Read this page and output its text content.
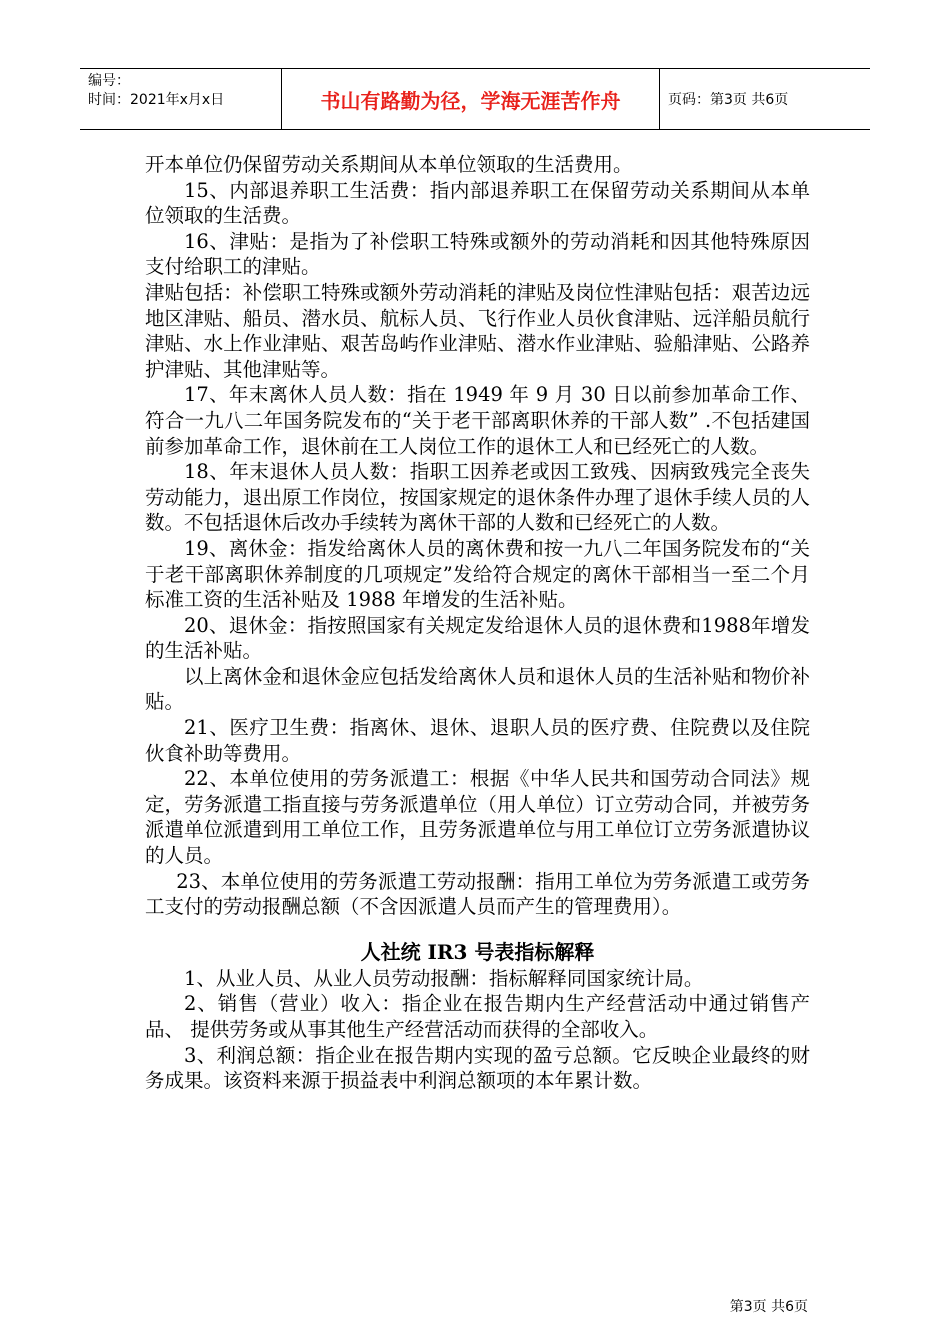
编号：
时间：2021年x月x日	书山有路勤为径，学海无涯苦作舟	页码：第3页 共6页

开本单位仍保留劳动关系期间从本单位领取的生活费用。

15、内部退养职工生活费：指内部退养职工在保留劳动关系期间从本单位领取的生活费。

16、津贴：是指为了补偿职工特殊或额外的劳动消耗和因其他特殊原因支付给职工的津贴。

津贴包括：补偿职工特殊或额外劳动消耗的津贴及岗位性津贴包括：艰苦边远地区津贴、船员、潜水员、航标人员、飞行作业人员伙食津贴、远洋船员航行津贴、水上作业津贴、艰苦岛屿作业津贴、潜水作业津贴、验船津贴、公路养护津贴、其他津贴等。

17、年末离休人员人数：指在 1949 年 9 月 30 日以前参加革命工作、符合一九八二年国务院发布的“关于老干部离职休养的干部人数” .不包括建国前参加革命工作，退休前在工人岗位工作的退休工人和已经死亡的人数。

18、年末退休人员人数：指职工因养老或因工致残、因病致残完全丧失劳动能力，退出原工作岗位，按国家规定的退休条件办理了退休手续人员的人数。不包括退休后改办手续转为离休干部的人数和已经死亡的人数。

19、离休金：指发给离休人员的离休费和按一九八二年国务院发布的“关于老干部离职休养制度的几项规定”发给符合规定的离休干部相当一至二个月标准工资的生活补贴及 1988 年增发的生活补贴。

20、退休金：指按照国家有关规定发给退休人员的退休费和1988年增发的生活补贴。

以上离休金和退休金应包括发给离休人员和退休人员的生活补贴和物价补贴。

21、医疗卫生费：指离休、退休、退职人员的医疗费、住院费以及住院伙食补助等费用。

22、本单位使用的劳务派遣工：根据《中华人民共和国劳动合同法》规定，劳务派遣工指直接与劳务派遣单位（用人单位）订立劳动合同，并被劳务派遣单位派遣到用工单位工作，且劳务派遣单位与用工单位订立劳务派遣协议的人员。

23、本单位使用的劳务派遣工劳动报酬：指用工单位为劳务派遣工或劳务工支付的劳动报酬总额（不含因派遣人员而产生的管理费用）。

人社统 IR3 号表指标解释

1、从业人员、从业人员劳动报酬：指标解释同国家统计局。

2、销售（营业）收入：指企业在报告期内生产经营活动中通过销售产品、 提供劳务或从事其他生产经营活动而获得的全部收入。

3、利润总额：指企业在报告期内实现的盈亏总额。它反映企业最终的财务成果。该资料来源于损益表中利润总额项的本年累计数。

第3页 共6页
